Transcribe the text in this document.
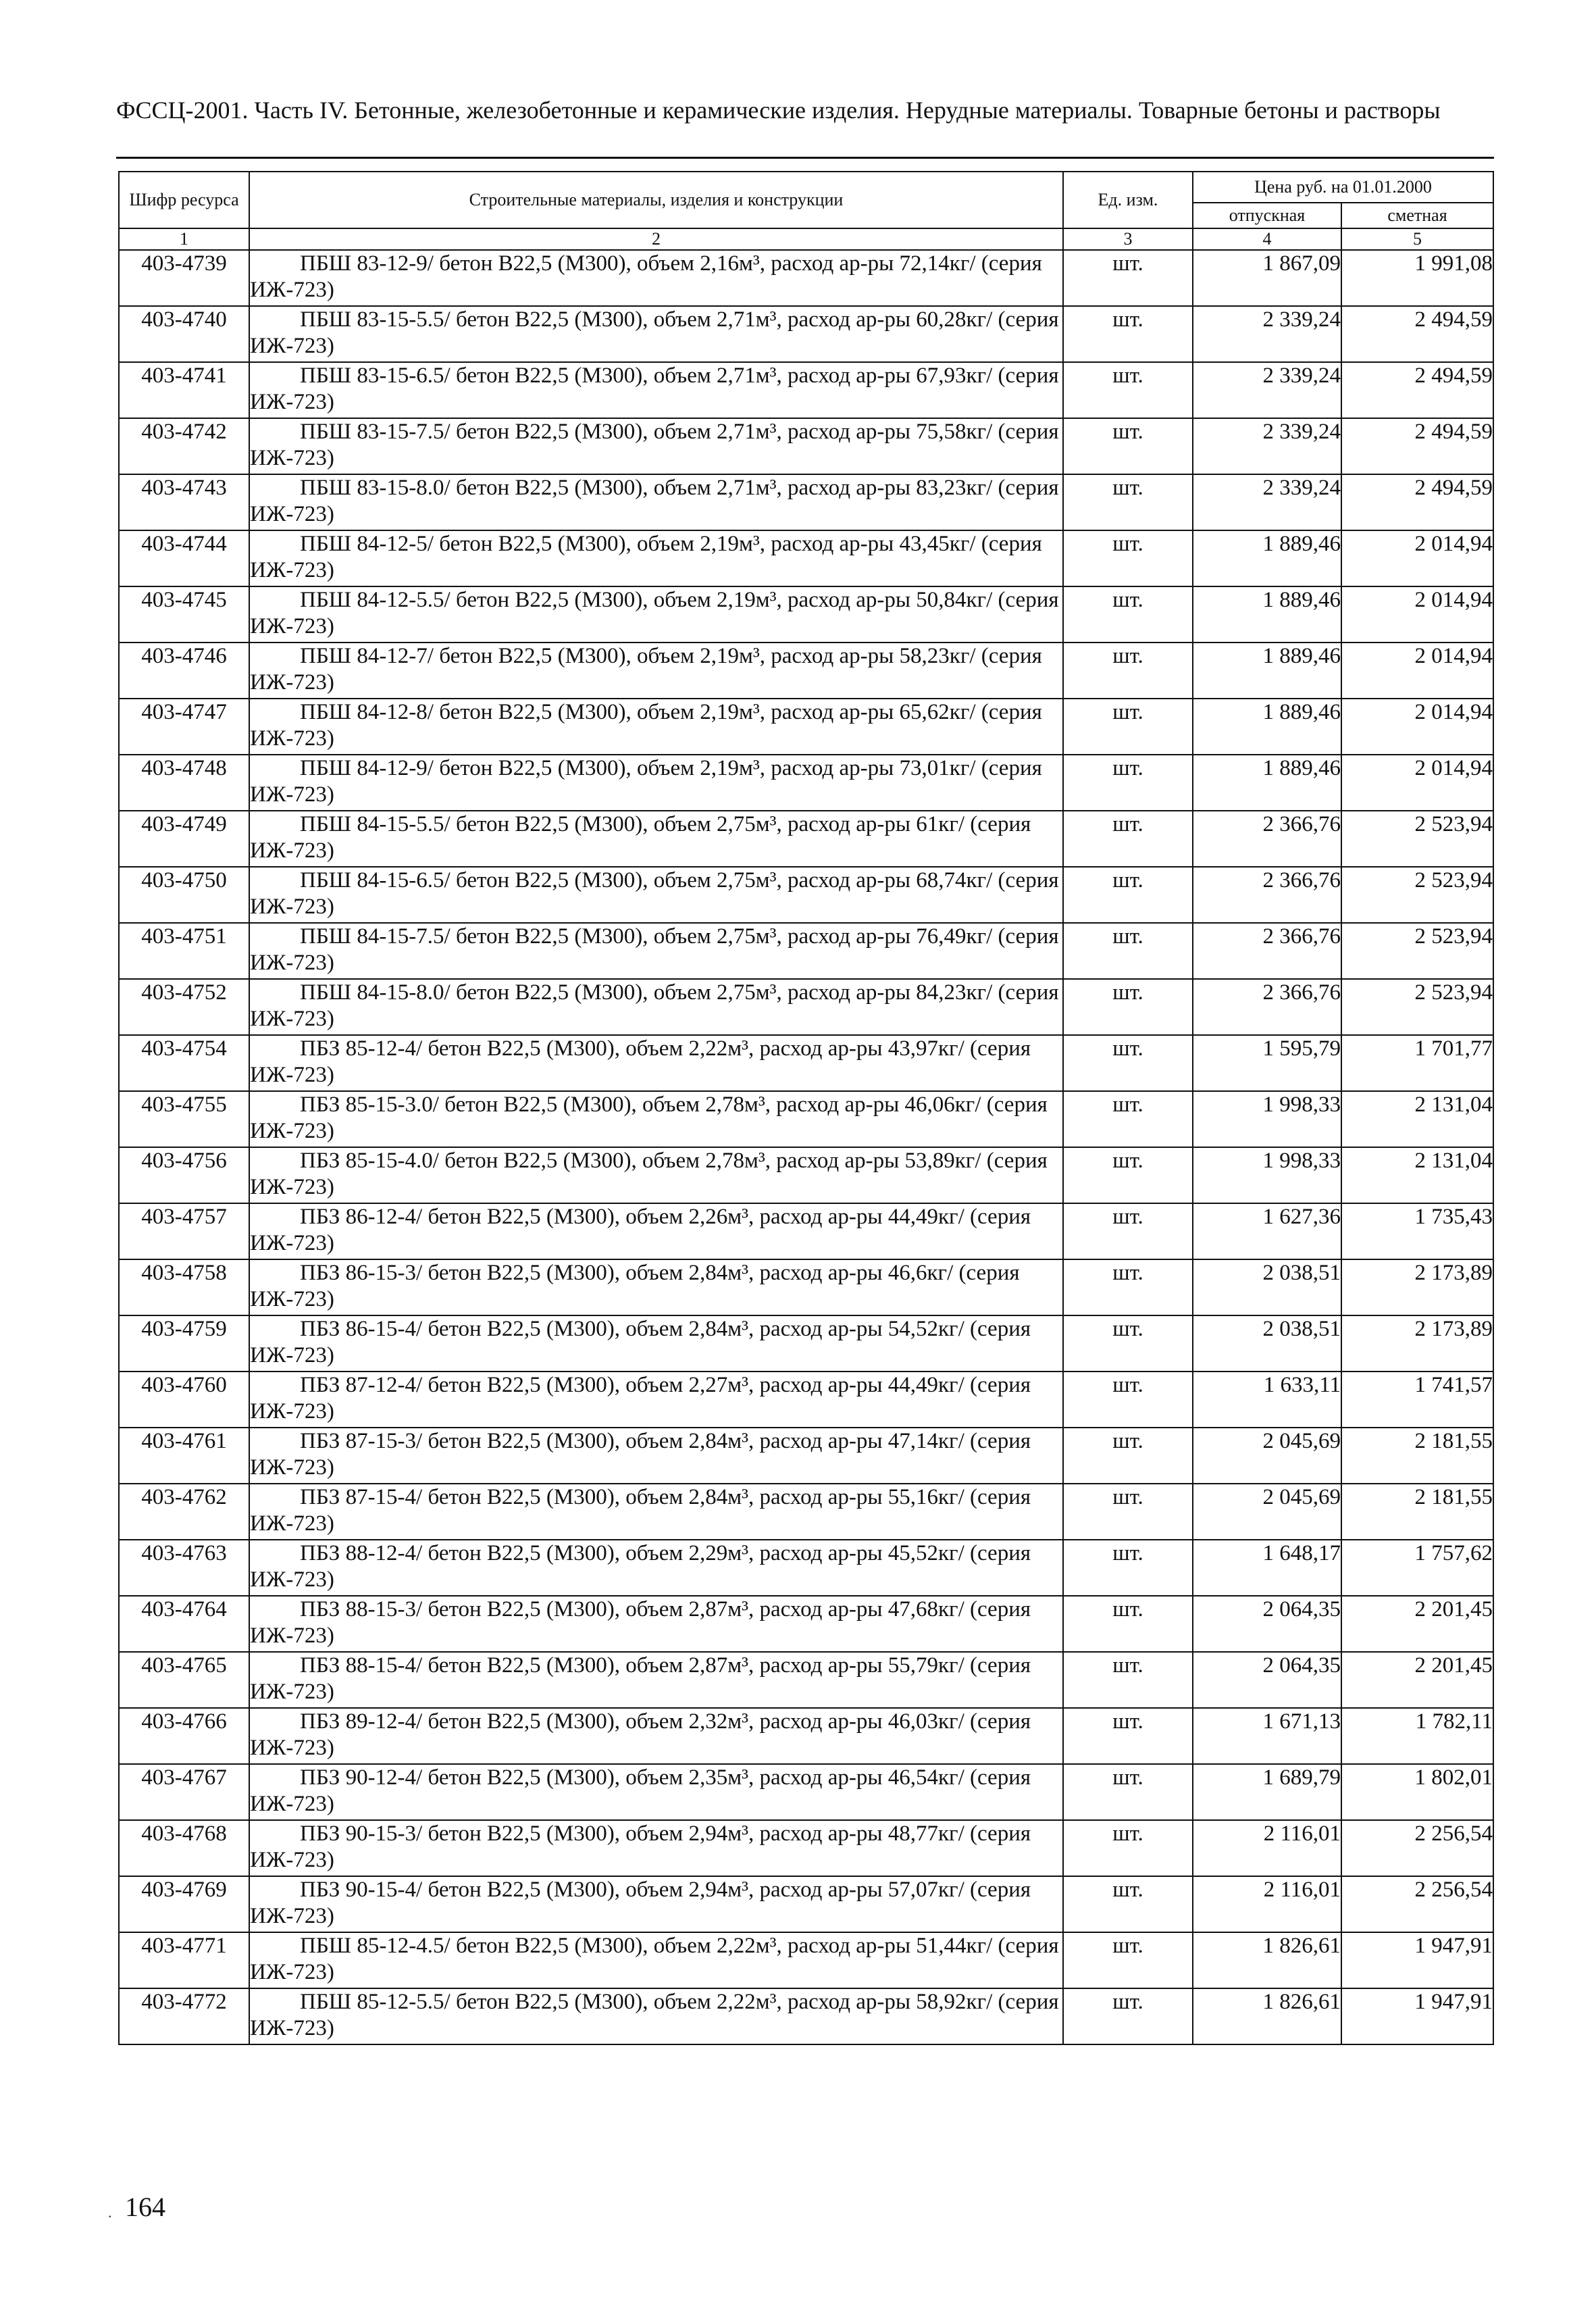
ФССЦ-2001. Часть IV. Бетонные, железобетонные и керамические изделия. Нерудные материалы. Товарные бетоны и растворы
Шифр ресурса	Строительные материалы, изделия и конструкции	Ед. изм.	Цена руб. на 01.01.2000	
			отпускная	сметная
1	2	3	4	5
403-4739	ПБШ 83-12-9/ бетон В22,5 (М300), объем 2,16м³, расход ар-ры 72,14кг/ (серия ИЖ-723)	шт.	1 867,09	1 991,08
403-4740	ПБШ 83-15-5.5/ бетон В22,5 (М300), объем 2,71м³, расход ар-ры 60,28кг/ (серия ИЖ-723)	шт.	2 339,24	2 494,59
403-4741	ПБШ 83-15-6.5/ бетон В22,5 (М300), объем 2,71м³, расход ар-ры 67,93кг/ (серия ИЖ-723)	шт.	2 339,24	2 494,59
403-4742	ПБШ 83-15-7.5/ бетон В22,5 (М300), объем 2,71м³, расход ар-ры 75,58кг/ (серия ИЖ-723)	шт.	2 339,24	2 494,59
403-4743	ПБШ 83-15-8.0/ бетон В22,5 (М300), объем 2,71м³, расход ар-ры 83,23кг/ (серия ИЖ-723)	шт.	2 339,24	2 494,59
403-4744	ПБШ 84-12-5/ бетон В22,5 (М300), объем 2,19м³, расход ар-ры 43,45кг/ (серия ИЖ-723)	шт.	1 889,46	2 014,94
403-4745	ПБШ 84-12-5.5/ бетон В22,5 (М300), объем 2,19м³, расход ар-ры 50,84кг/ (серия ИЖ-723)	шт.	1 889,46	2 014,94
403-4746	ПБШ 84-12-7/ бетон В22,5 (М300), объем 2,19м³, расход ар-ры 58,23кг/ (серия ИЖ-723)	шт.	1 889,46	2 014,94
403-4747	ПБШ 84-12-8/ бетон В22,5 (М300), объем 2,19м³, расход ар-ры 65,62кг/ (серия ИЖ-723)	шт.	1 889,46	2 014,94
403-4748	ПБШ 84-12-9/ бетон В22,5 (М300), объем 2,19м³, расход ар-ры 73,01кг/ (серия ИЖ-723)	шт.	1 889,46	2 014,94
403-4749	ПБШ 84-15-5.5/ бетон В22,5 (М300), объем 2,75м³, расход ар-ры 61кг/ (серия ИЖ-723)	шт.	2 366,76	2 523,94
403-4750	ПБШ 84-15-6.5/ бетон В22,5 (М300), объем 2,75м³, расход ар-ры 68,74кг/ (серия ИЖ-723)	шт.	2 366,76	2 523,94
403-4751	ПБШ 84-15-7.5/ бетон В22,5 (М300), объем 2,75м³, расход ар-ры 76,49кг/ (серия ИЖ-723)	шт.	2 366,76	2 523,94
403-4752	ПБШ 84-15-8.0/ бетон В22,5 (М300), объем 2,75м³, расход ар-ры 84,23кг/ (серия ИЖ-723)	шт.	2 366,76	2 523,94
403-4754	ПБЗ 85-12-4/ бетон В22,5 (М300), объем 2,22м³, расход ар-ры 43,97кг/ (серия ИЖ-723)	шт.	1 595,79	1 701,77
403-4755	ПБЗ 85-15-3.0/ бетон В22,5 (М300), объем 2,78м³, расход ар-ры 46,06кг/ (серия ИЖ-723)	шт.	1 998,33	2 131,04
403-4756	ПБЗ 85-15-4.0/ бетон В22,5 (М300), объем 2,78м³, расход ар-ры 53,89кг/ (серия ИЖ-723)	шт.	1 998,33	2 131,04
403-4757	ПБЗ 86-12-4/ бетон В22,5 (М300), объем 2,26м³, расход ар-ры 44,49кг/ (серия ИЖ-723)	шт.	1 627,36	1 735,43
403-4758	ПБЗ 86-15-3/ бетон В22,5 (М300), объем 2,84м³, расход ар-ры 46,6кг/ (серия ИЖ-723)	шт.	2 038,51	2 173,89
403-4759	ПБЗ 86-15-4/ бетон В22,5 (М300), объем 2,84м³, расход ар-ры 54,52кг/ (серия ИЖ-723)	шт.	2 038,51	2 173,89
403-4760	ПБЗ 87-12-4/ бетон В22,5 (М300), объем 2,27м³, расход ар-ры 44,49кг/ (серия ИЖ-723)	шт.	1 633,11	1 741,57
403-4761	ПБЗ 87-15-3/ бетон В22,5 (М300), объем 2,84м³, расход ар-ры 47,14кг/ (серия ИЖ-723)	шт.	2 045,69	2 181,55
403-4762	ПБЗ 87-15-4/ бетон В22,5 (М300), объем 2,84м³, расход ар-ры 55,16кг/ (серия ИЖ-723)	шт.	2 045,69	2 181,55
403-4763	ПБЗ 88-12-4/ бетон В22,5 (М300), объем 2,29м³, расход ар-ры 45,52кг/ (серия ИЖ-723)	шт.	1 648,17	1 757,62
403-4764	ПБЗ 88-15-3/ бетон В22,5 (М300), объем 2,87м³, расход ар-ры 47,68кг/ (серия ИЖ-723)	шт.	2 064,35	2 201,45
403-4765	ПБЗ 88-15-4/ бетон В22,5 (М300), объем 2,87м³, расход ар-ры 55,79кг/ (серия ИЖ-723)	шт.	2 064,35	2 201,45
403-4766	ПБЗ 89-12-4/ бетон В22,5 (М300), объем 2,32м³, расход ар-ры 46,03кг/ (серия ИЖ-723)	шт.	1 671,13	1 782,11
403-4767	ПБЗ 90-12-4/ бетон В22,5 (М300), объем 2,35м³, расход ар-ры 46,54кг/ (серия ИЖ-723)	шт.	1 689,79	1 802,01
403-4768	ПБЗ 90-15-3/ бетон В22,5 (М300), объем 2,94м³, расход ар-ры 48,77кг/ (серия ИЖ-723)	шт.	2 116,01	2 256,54
403-4769	ПБЗ 90-15-4/ бетон В22,5 (М300), объем 2,94м³, расход ар-ры 57,07кг/ (серия ИЖ-723)	шт.	2 116,01	2 256,54
403-4771	ПБШ 85-12-4.5/ бетон В22,5 (М300), объем 2,22м³, расход ар-ры 51,44кг/ (серия ИЖ-723)	шт.	1 826,61	1 947,91
403-4772	ПБШ 85-12-5.5/ бетон В22,5 (М300), объем 2,22м³, расход ар-ры 58,92кг/ (серия ИЖ-723)	шт.	1 826,61	1 947,91
. 164
